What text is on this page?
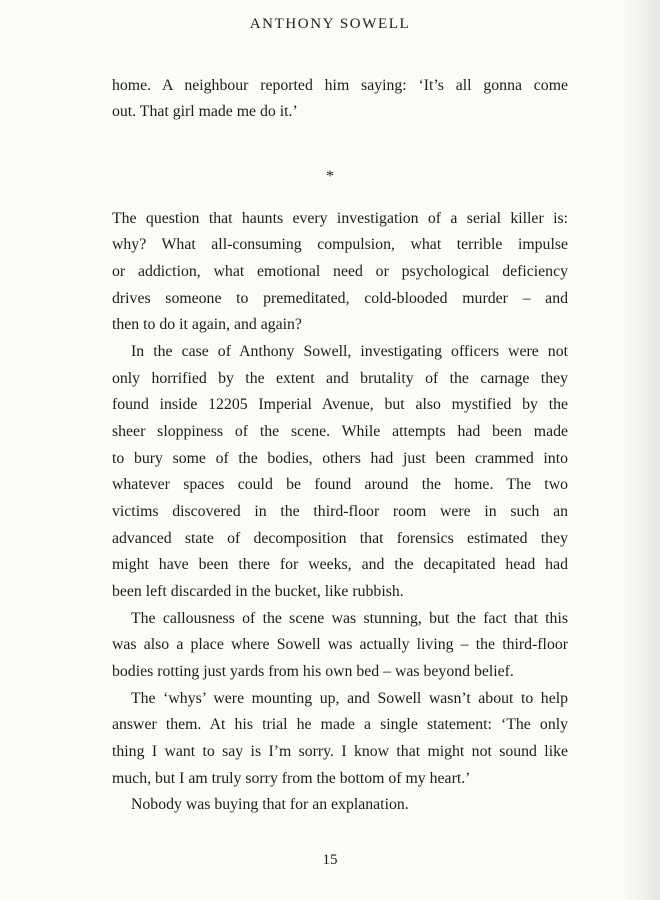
ANTHONY SOWELL
*
home. A neighbour reported him saying: ‘It’s all gonna come
out. That girl made me do it.’
The question that haunts every investigation of a serial killer is:
why? What all-consuming compulsion, what terrible impulse
or addiction, what emotional need or psychological deficiency
drives someone to premeditated, cold-blooded murder – and
then to do it again, and again?
In the case of Anthony Sowell, investigating officers were not
only horrified by the extent and brutality of the carnage they
found inside 12205 Imperial Avenue, but also mystified by the
sheer sloppiness of the scene. While attempts had been made
to bury some of the bodies, others had just been crammed into
whatever spaces could be found around the home. The two
victims discovered in the third-floor room were in such an
advanced state of decomposition that forensics estimated they
might have been there for weeks, and the decapitated head had
been left discarded in the bucket, like rubbish.
The callousness of the scene was stunning, but the fact that this
was also a place where Sowell was actually living – the third-floor
bodies rotting just yards from his own bed – was beyond belief.
The ‘whys’ were mounting up, and Sowell wasn’t about to help
answer them. At his trial he made a single statement: ‘The only
thing I want to say is I’m sorry. I know that might not sound like
much, but I am truly sorry from the bottom of my heart.’
Nobody was buying that for an explanation.
15
